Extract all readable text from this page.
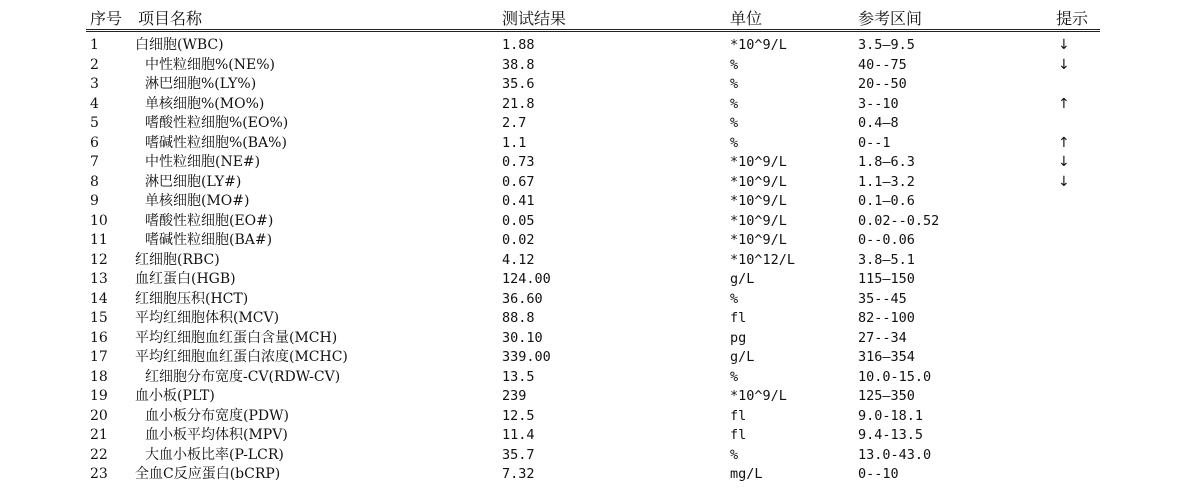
序号 项目名称	测试结果	单位	参考区间	提示
1	白细胞(WBC)	1.88	*10^9/L	3.5—9.5	↓
2	中性粒细胞%(NE%)	38.8	%	40--75	↓
3	淋巴细胞%(LY%)	35.6	%	20--50
4	单核细胞%(MO%)	21.8	%	3--10	↑
5	嗜酸性粒细胞%(EO%)	2.7	%	0.4—8
6	嗜碱性粒细胞%(BA%)	1.1	%	0--1	↑
7	中性粒细胞(NE#)	0.73	*10^9/L	1.8—6.3	↓
8	淋巴细胞(LY#)	0.67	*10^9/L	1.1—3.2	↓
9	单核细胞(MO#)	0.41	*10^9/L	0.1—0.6
10	嗜酸性粒细胞(EO#)	0.05	*10^9/L	0.02--0.52
11	嗜碱性粒细胞(BA#)	0.02	*10^9/L	0--0.06
12 红细胞(RBC)	4.12	*10^12/L	3.8—5.1
13 血红蛋白(HGB)	124.00	g/L	115—150
14 红细胞压积(HCT)	36.60	%	35--45
15 平均红细胞体积(MCV)	88.8	fl	82--100
16 平均红细胞血红蛋白含量(MCH)	30.10	pg	27--34
17 平均红细胞血红蛋白浓度(MCHC)	339.00	g/L	316—354
18	红细胞分布宽度-CV(RDW-CV)	13.5	%	10.0-15.0
19 血小板(PLT)	239	*10^9/L	125—350
20	血小板分布宽度(PDW)	12.5	fl	9.0-18.1
21	血小板平均体积(MPV)	11.4	fl	9.4-13.5
22	大血小板比率(P-LCR)	35.7	%	13.0-43.0
23 全血C反应蛋白(bCRP)	7.32	mg/L	0--10
